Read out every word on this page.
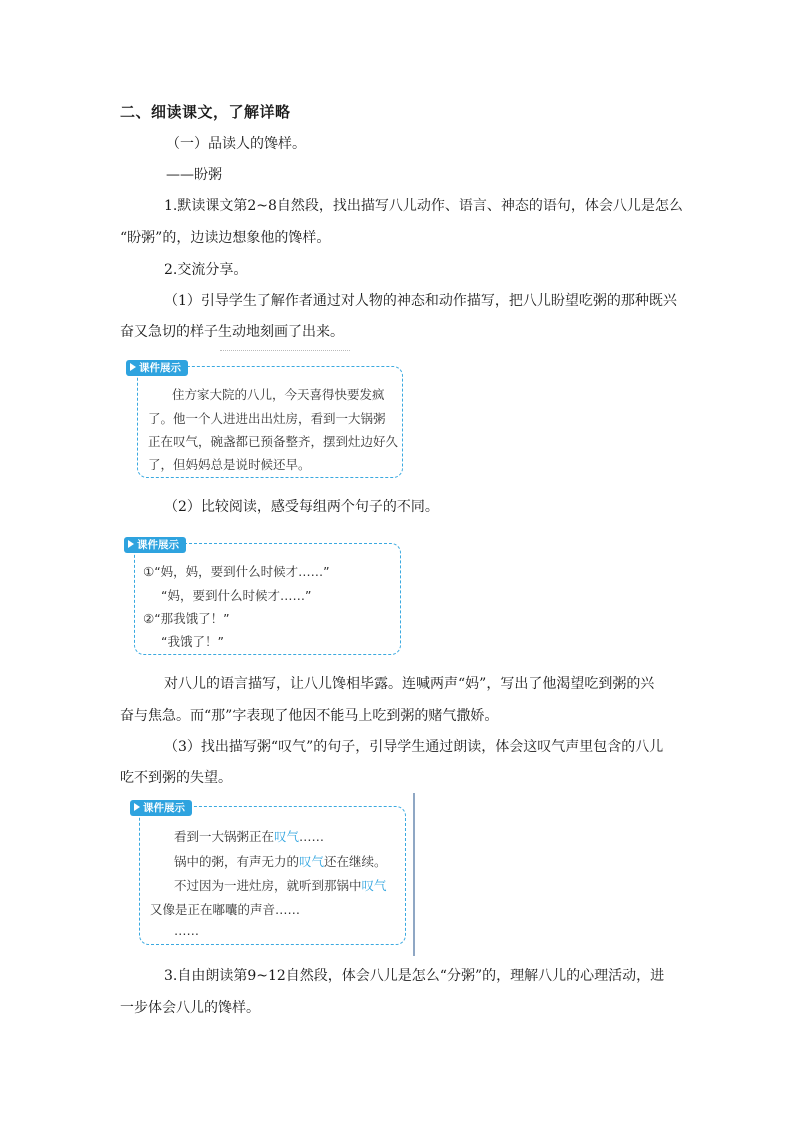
二、细读课文，了解详略
（一）品读人的馋样。
——盼粥
1.默读课文第2~8自然段，找出描写八儿动作、语言、神态的语句，体会八儿是怎么
“盼粥”的，边读边想象他的馋样。
2.交流分享。
（1）引导学生了解作者通过对人物的神态和动作描写，把八儿盼望吃粥的那种既兴
奋又急切的样子生动地刻画了出来。
住方家大院的八儿，今天喜得快要发疯
了。他一个人进进出出灶房，看到一大锅粥
正在叹气，碗盏都已预备整齐，摆到灶边好久
了，但妈妈总是说时候还早。
课件展示
（2）比较阅读，感受每组两个句子的不同。
①“妈，妈，要到什么时候才……”
“妈，要到什么时候才……”
②“那我饿了！”
“我饿了！”
课件展示
对八儿的语言描写，让八儿馋相毕露。连喊两声“妈”，写出了他渴望吃到粥的兴
奋与焦急。而“那”字表现了他因不能马上吃到粥的赌气撒娇。
（3）找出描写粥“叹气”的句子，引导学生通过朗读，体会这叹气声里包含的八儿
吃不到粥的失望。
看到一大锅粥正在叹气……
锅中的粥，有声无力的叹气还在继续。
不过因为一进灶房，就听到那锅中叹气
又像是正在嘟囔的声音……
……
课件展示
3.自由朗读第9~12自然段，体会八儿是怎么“分粥”的，理解八儿的心理活动，进
一步体会八儿的馋样。
